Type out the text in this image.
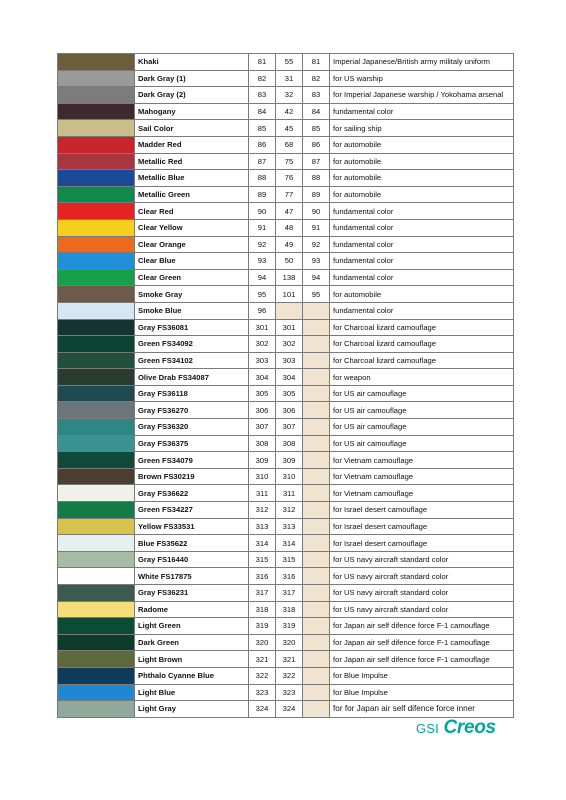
	Khaki	81	55	81	Imperial Japanese/British army militaly uniform
	Dark Gray (1)	82	31	82	for US warship
	Dark Gray (2)	83	32	83	for Imperial Japanese warship / Yokohama arsenal
	Mahogany	84	42	84	fundamental color
	Sail Color	85	45	85	for sailing ship
	Madder Red	86	68	86	for automobile
	Metallic Red	87	75	87	for automobile
	Metallic Blue	88	76	88	for automobile
	Metallic Green	89	77	89	for automobile
	Clear Red	90	47	90	fundamental color
	Clear Yellow	91	48	91	fundamental color
	Clear Orange	92	49	92	fundamental color
	Clear Blue	93	50	93	fundamental color
	Clear Green	94	138	94	fundamental color
	Smoke Gray	95	101	95	for automobile
	Smoke Blue	96			fundamental color
	Gray FS36081	301	301		for Charcoal lizard camouflage
	Green FS34092	302	302		for Charcoal lizard camouflage
	Green FS34102	303	303		for Charcoal lizard camouflage
	Olive Drab FS34087	304	304		for weapon
	Gray FS36118	305	305		for US air camouflage
	Gray FS36270	306	306		for US air camouflage
	Gray FS36320	307	307		for US air camouflage
	Gray FS36375	308	308		for US air camouflage
	Green FS34079	309	309		for Vietnam camouflage
	Brown FS30219	310	310		for Vietnam camouflage
	Gray FS36622	311	311		for Vietnam camouflage
	Green FS34227	312	312		for Israel desert camouflage
	Yellow FS33531	313	313		for Israel desert camouflage
	Blue FS35622	314	314		for Israel desert camouflage
	Gray FS16440	315	315		for US navy aircraft standard color
	White FS17875	316	316		for US navy aircraft standard color
	Gray FS36231	317	317		for US navy aircraft standard color
	Radome	318	318		for US navy aircraft standard color
	Light Green	319	319		for Japan air self difence force F-1 camouflage
	Dark Green	320	320		for Japan air self difence force F-1 camouflage
	Light Brown	321	321		for Japan air self difence force F-1 camouflage
	Phthalo Cyanne Blue	322	322		for Blue Impulse
	Light Blue	323	323		for Blue Impulse
	Light Gray	324	324		for for Japan air self difence force inner
GSI Creos
